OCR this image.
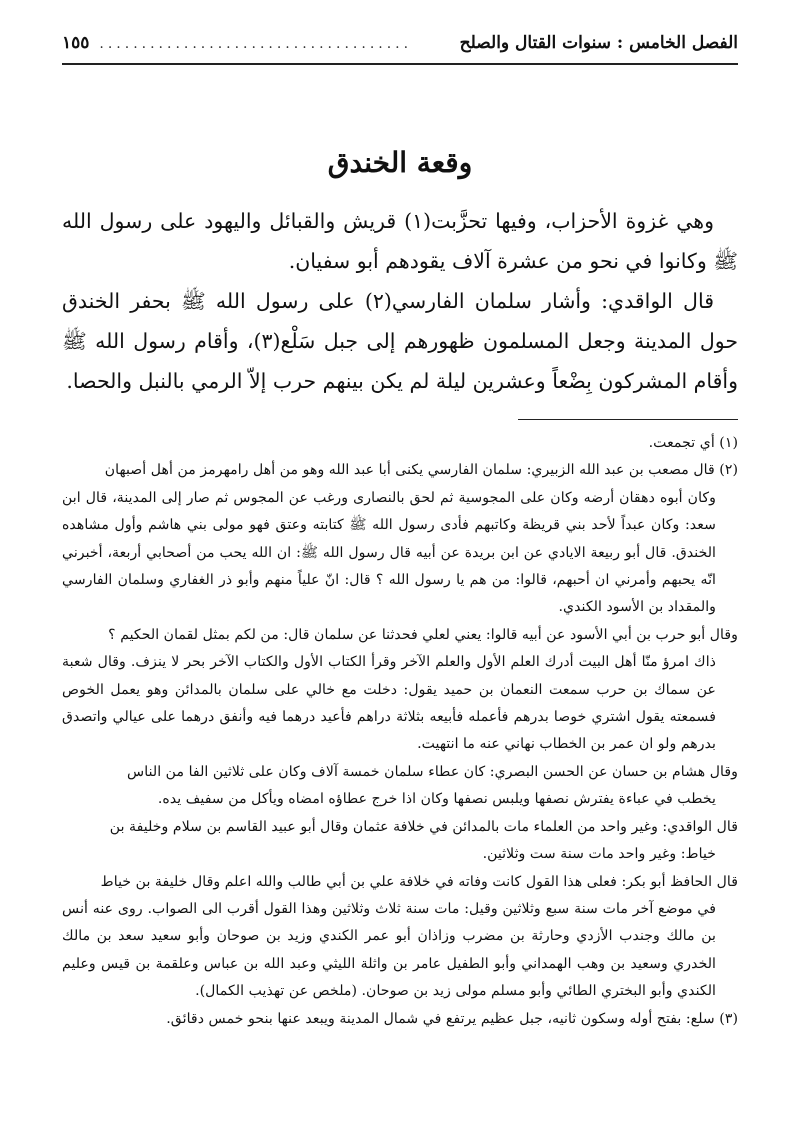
الفصل الخامس : سنوات القتال والصلح
١٥٥ .....................................
وقعة الخندق

وهي غزوة الأحزاب، وفيها تحزَّبت(١) قريش والقبائل واليهود على رسول الله ﷺ وكانوا في نحو من عشرة آلاف يقودهم أبو سفيان.

قال الواقدي: وأشار سلمان الفارسي(٢) على رسول الله ﷺ بحفر الخندق حول المدينة وجعل المسلمون ظهورهم إلى جبل سَلْع(٣)، وأقام رسول الله ﷺ وأقام المشركون بِضْعاً وعشرين ليلة لم يكن بينهم حرب إلاّ الرمي بالنبل والحصا.

(١) أي تجمعت.

(٢) قال مصعب بن عبد الله الزبيري: سلمان الفارسي يكنى أبا عبد الله وهو من أهل رامهرمز من أهل أصبهان

وكان أبوه دهقان أرضه وكان على المجوسية ثم لحق بالنصارى ورغب عن المجوس ثم صار إلى المدينة، قال ابن سعد: وكان عبداً لأحد بني قريظة وكاتبهم فأدى رسول الله ﷺ كتابته وعتق فهو مولى بني هاشم وأول مشاهده الخندق. قال أبو ربيعة الايادي عن ابن بريدة عن أبيه قال رسول الله ﷺ: ان الله يحب من أصحابي أربعة، أخبرني انّه يحبهم وأمرني ان أحبهم، قالوا: من هم يا رسول الله ؟ قال: انّ علياً منهم وأبو ذر الغفاري وسلمان الفارسي والمقداد بن الأسود الكندي.

وقال أبو حرب بن أبي الأسود عن أبيه قالوا: يعني لعلي فحدثنا عن سلمان قال: من لكم بمثل لقمان الحكيم ؟

ذاك امرؤ منّا أهل البيت أدرك العلم الأول والعلم الآخر وقرأ الكتاب الأول والكتاب الآخر بحر لا ينزف. وقال شعبة عن سماك بن حرب سمعت النعمان بن حميد يقول: دخلت مع خالي على سلمان بالمدائن وهو يعمل الخوص فسمعته يقول اشتري خوصا بدرهم فأعمله فأبيعه بثلاثة دراهم فأعيد درهما فيه وأنفق درهما على عيالي واتصدق بدرهم ولو ان عمر بن الخطاب نهاني عنه ما انتهيت.

وقال هشام بن حسان عن الحسن البصري: كان عطاء سلمان خمسة آلاف وكان على ثلاثين الفا من الناس

يخطب في عباءة يفترش نصفها ويلبس نصفها وكان اذا خرج عطاؤه امضاه ويأكل من سفيف يده.

قال الواقدي: وغير واحد من العلماء مات بالمدائن في خلافة عثمان وقال أبو عبيد القاسم بن سلام وخليفة بن

خياط: وغير واحد مات سنة ست وثلاثين.

قال الحافظ أبو بكر: فعلى هذا القول كانت وفاته في خلافة علي بن أبي طالب والله اعلم وقال خليفة بن خياط

في موضع آخر مات سنة سبع وثلاثين وقيل: مات سنة ثلاث وثلاثين وهذا القول أقرب الى الصواب. روى عنه أنس بن مالك وجندب الأزدي وحارثة بن مضرب وزاذان أبو عمر الكندي وزيد بن صوحان وأبو سعيد سعد بن مالك الخدري وسعيد بن وهب الهمداني وأبو الطفيل عامر بن واثلة الليثي وعبد الله بن عباس وعلقمة بن قيس وعليم الكندي وأبو البختري الطائي وأبو مسلم مولى زيد بن صوحان. (ملخص عن تهذيب الكمال).

(٣) سلع: بفتح أوله وسكون ثانيه، جبل عظيم يرتفع في شمال المدينة ويبعد عنها بنحو خمس دقائق.
